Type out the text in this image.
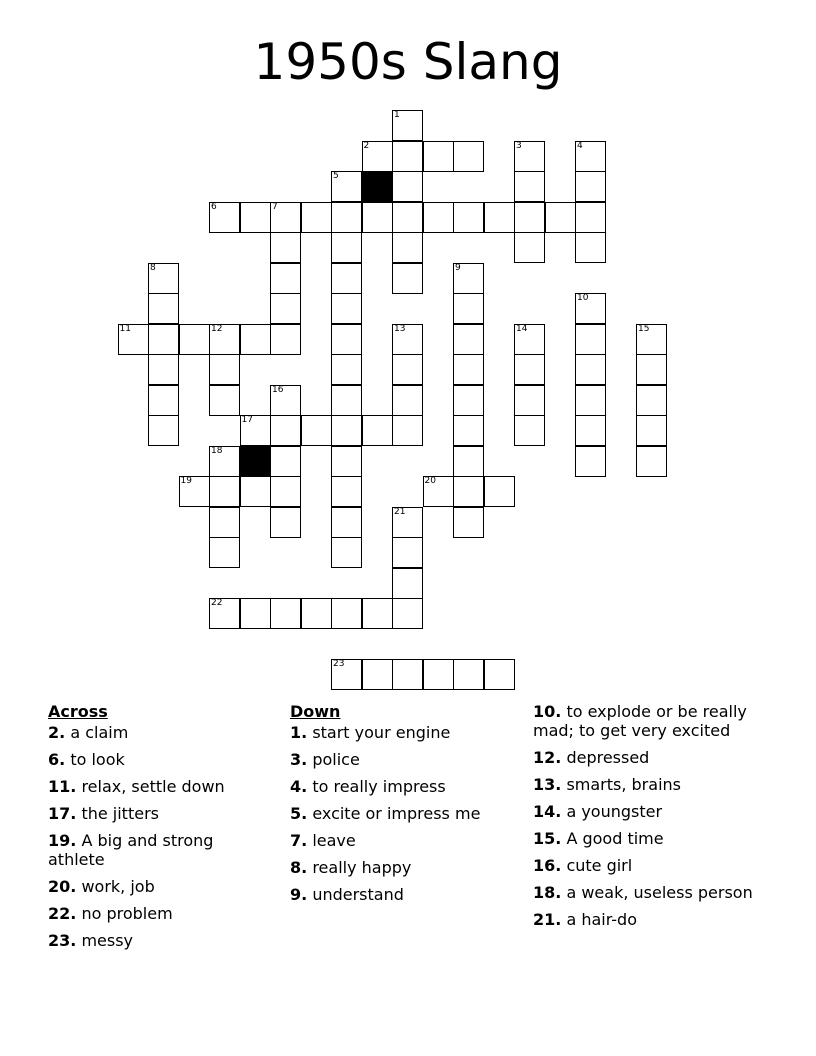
1950s Slang
1
2	3	4
5
6	7
8	9
10
11	12	13	14	15
16
17
18
19	20
21
22
23
Across
2. a claim
6. to look
11. relax, settle down
17. the jitters
19. A big and strong athlete
20. work, job
22. no problem
23. messy
Down
1. start your engine
3. police
4. to really impress
5. excite or impress me
7. leave
8. really happy
9. understand
10. to explode or be really mad; to get very excited
12. depressed
13. smarts, brains
14. a youngster
15. A good time
16. cute girl
18. a weak, useless person
21. a hair-do
